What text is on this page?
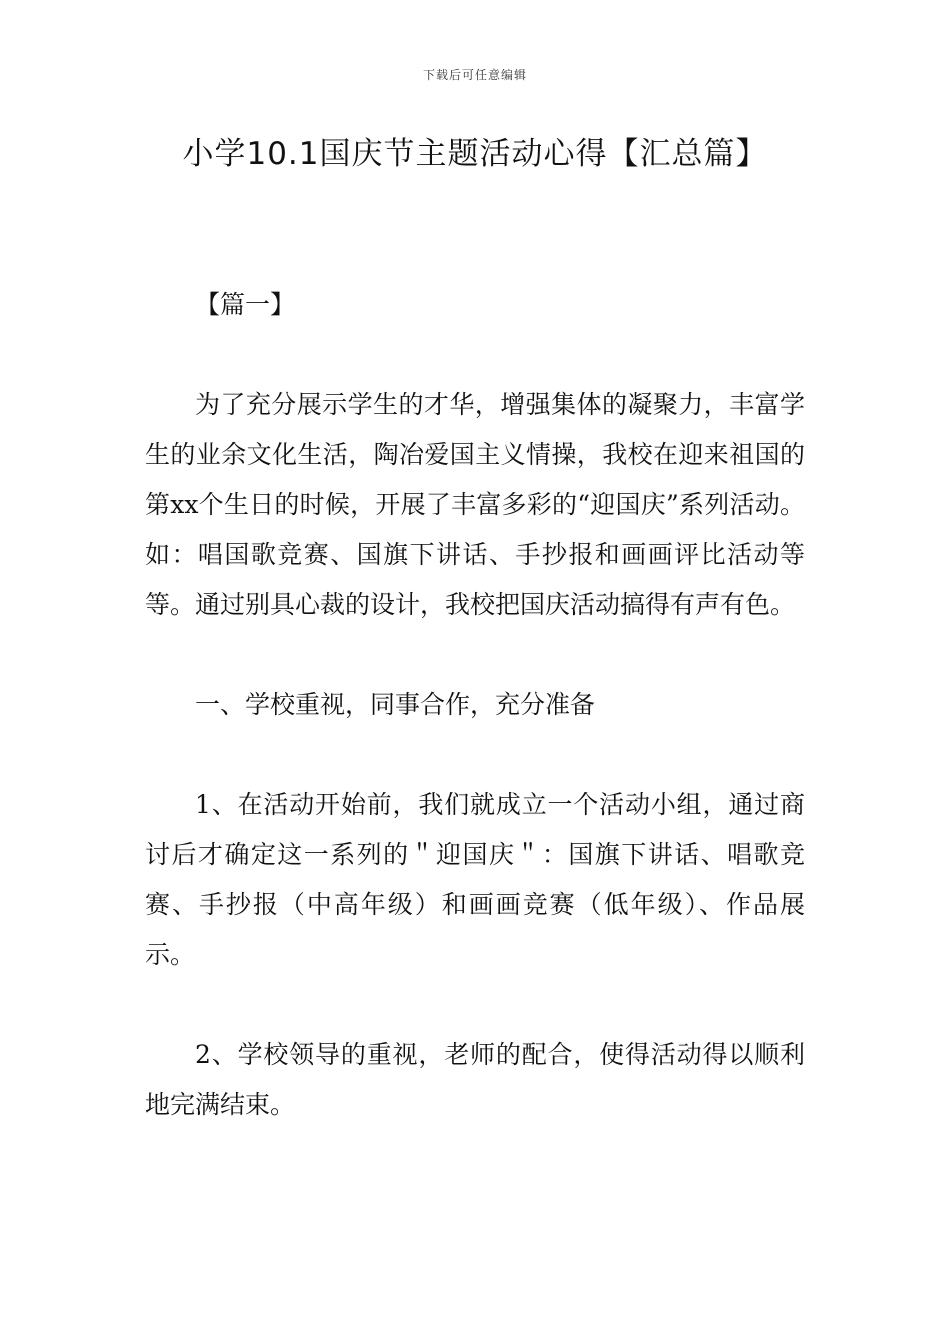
下载后可任意编辑
小学10.1国庆节主题活动心得【汇总篇】

【篇一】

为了充分展示学生的才华，增强集体的凝聚力，丰富学生的业余文化生活，陶冶爱国主义情操，我校在迎来祖国的第xx个生日的时候，开展了丰富多彩的“迎国庆”系列活动。如：唱国歌竞赛、国旗下讲话、手抄报和画画评比活动等等。通过别具心裁的设计，我校把国庆活动搞得有声有色。

一、学校重视，同事合作，充分准备

1、在活动开始前，我们就成立一个活动小组，通过商讨后才确定这一系列的＂迎国庆＂：国旗下讲话、唱歌竞赛、手抄报（中高年级）和画画竞赛（低年级）、作品展示。

2、学校领导的重视，老师的配合，使得活动得以顺利地完满结束。
